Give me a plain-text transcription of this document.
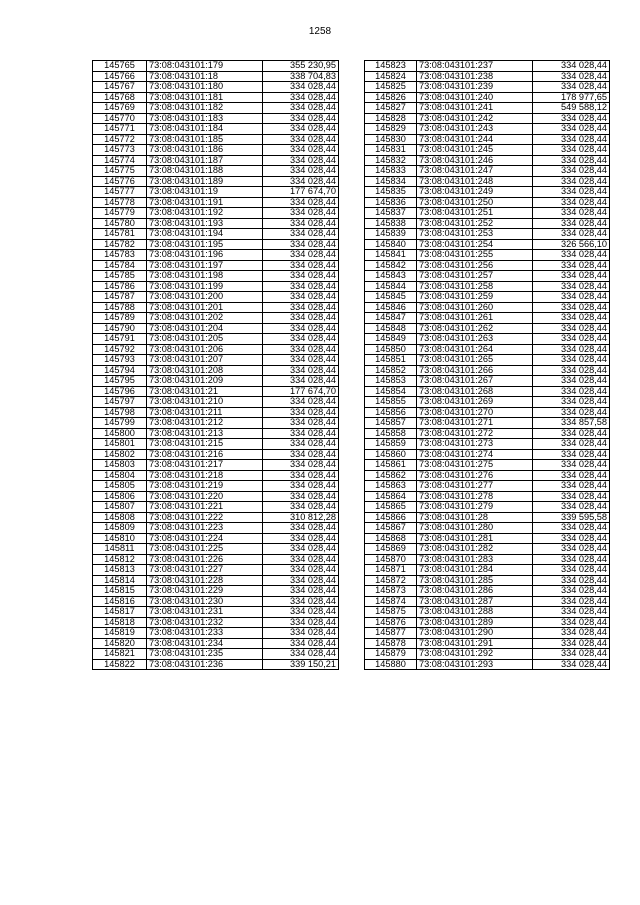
1258
145765	73:08:043101:179	355 230,95
145766	73:08:043101:18	338 704,83
145767	73:08:043101:180	334 028,44
145768	73:08:043101:181	334 028,44
145769	73:08:043101:182	334 028,44
145770	73:08:043101:183	334 028,44
145771	73:08:043101:184	334 028,44
145772	73:08:043101:185	334 028,44
145773	73:08:043101:186	334 028,44
145774	73:08:043101:187	334 028,44
145775	73:08:043101:188	334 028,44
145776	73:08:043101:189	334 028,44
145777	73:08:043101:19	177 674,70
145778	73:08:043101:191	334 028,44
145779	73:08:043101:192	334 028,44
145780	73:08:043101:193	334 028,44
145781	73:08:043101:194	334 028,44
145782	73:08:043101:195	334 028,44
145783	73:08:043101:196	334 028,44
145784	73:08:043101:197	334 028,44
145785	73:08:043101:198	334 028,44
145786	73:08:043101:199	334 028,44
145787	73:08:043101:200	334 028,44
145788	73:08:043101:201	334 028,44
145789	73:08:043101:202	334 028,44
145790	73:08:043101:204	334 028,44
145791	73:08:043101:205	334 028,44
145792	73:08:043101:206	334 028,44
145793	73:08:043101:207	334 028,44
145794	73:08:043101:208	334 028,44
145795	73:08:043101:209	334 028,44
145796	73:08:043101:21	177 674,70
145797	73:08:043101:210	334 028,44
145798	73:08:043101:211	334 028,44
145799	73:08:043101:212	334 028,44
145800	73:08:043101:213	334 028,44
145801	73:08:043101:215	334 028,44
145802	73:08:043101:216	334 028,44
145803	73:08:043101:217	334 028,44
145804	73:08:043101:218	334 028,44
145805	73:08:043101:219	334 028,44
145806	73:08:043101:220	334 028,44
145807	73:08:043101:221	334 028,44
145808	73:08:043101:222	310 812,28
145809	73:08:043101:223	334 028,44
145810	73:08:043101:224	334 028,44
145811	73:08:043101:225	334 028,44
145812	73:08:043101:226	334 028,44
145813	73:08:043101:227	334 028,44
145814	73:08:043101:228	334 028,44
145815	73:08:043101:229	334 028,44
145816	73:08:043101:230	334 028,44
145817	73:08:043101:231	334 028,44
145818	73:08:043101:232	334 028,44
145819	73:08:043101:233	334 028,44
145820	73:08:043101:234	334 028,44
145821	73:08:043101:235	334 028,44
145822	73:08:043101:236	339 150,21
145823	73:08:043101:237	334 028,44
145824	73:08:043101:238	334 028,44
145825	73:08:043101:239	334 028,44
145826	73:08:043101:240	178 977,65
145827	73:08:043101:241	549 588,12
145828	73:08:043101:242	334 028,44
145829	73:08:043101:243	334 028,44
145830	73:08:043101:244	334 028,44
145831	73:08:043101:245	334 028,44
145832	73:08:043101:246	334 028,44
145833	73:08:043101:247	334 028,44
145834	73:08:043101:248	334 028,44
145835	73:08:043101:249	334 028,44
145836	73:08:043101:250	334 028,44
145837	73:08:043101:251	334 028,44
145838	73:08:043101:252	334 028,44
145839	73:08:043101:253	334 028,44
145840	73:08:043101:254	326 566,10
145841	73:08:043101:255	334 028,44
145842	73:08:043101:256	334 028,44
145843	73:08:043101:257	334 028,44
145844	73:08:043101:258	334 028,44
145845	73:08:043101:259	334 028,44
145846	73:08:043101:260	334 028,44
145847	73:08:043101:261	334 028,44
145848	73:08:043101:262	334 028,44
145849	73:08:043101:263	334 028,44
145850	73:08:043101:264	334 028,44
145851	73:08:043101:265	334 028,44
145852	73:08:043101:266	334 028,44
145853	73:08:043101:267	334 028,44
145854	73:08:043101:268	334 028,44
145855	73:08:043101:269	334 028,44
145856	73:08:043101:270	334 028,44
145857	73:08:043101:271	334 857,58
145858	73:08:043101:272	334 028,44
145859	73:08:043101:273	334 028,44
145860	73:08:043101:274	334 028,44
145861	73:08:043101:275	334 028,44
145862	73:08:043101:276	334 028,44
145863	73:08:043101:277	334 028,44
145864	73:08:043101:278	334 028,44
145865	73:08:043101:279	334 028,44
145866	73:08:043101:28	339 595,58
145867	73:08:043101:280	334 028,44
145868	73:08:043101:281	334 028,44
145869	73:08:043101:282	334 028,44
145870	73:08:043101:283	334 028,44
145871	73:08:043101:284	334 028,44
145872	73:08:043101:285	334 028,44
145873	73:08:043101:286	334 028,44
145874	73:08:043101:287	334 028,44
145875	73:08:043101:288	334 028,44
145876	73:08:043101:289	334 028,44
145877	73:08:043101:290	334 028,44
145878	73:08:043101:291	334 028,44
145879	73:08:043101:292	334 028,44
145880	73:08:043101:293	334 028,44
